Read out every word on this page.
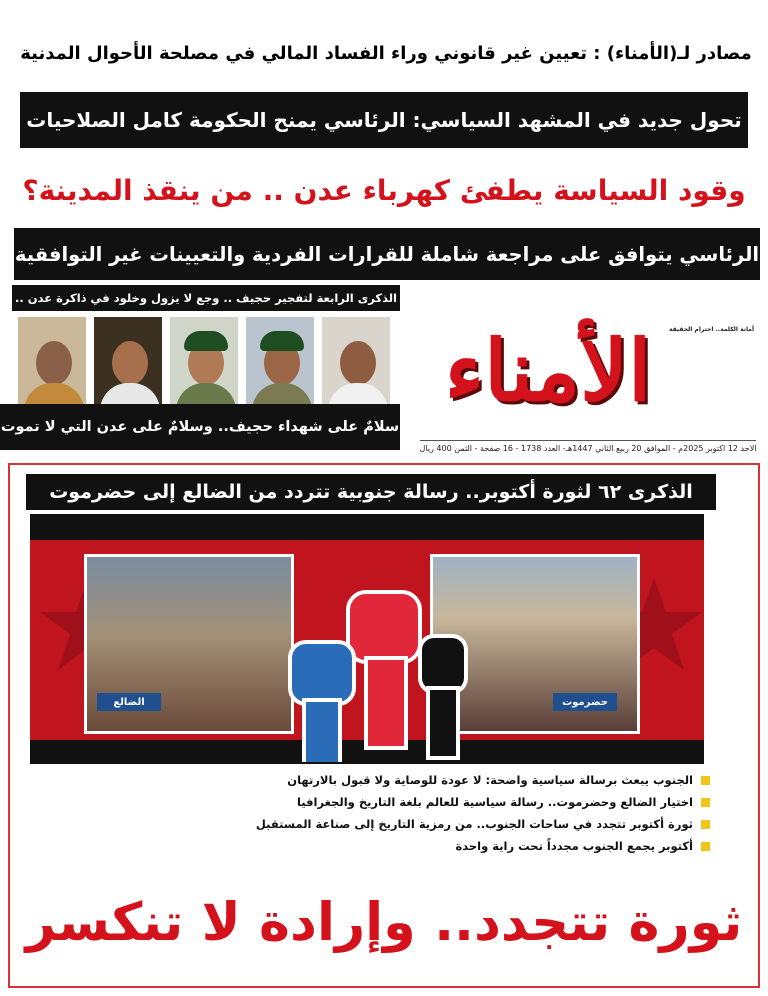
مصادر لـ(الأمناء) : تعيين غير قانوني وراء الفساد المالي في مصلحة الأحوال المدنية
تحول جديد في المشهد السياسي: الرئاسي يمنح الحكومة كامل الصلاحيات
وقود السياسة يطفئ كهرباء عدن .. من ينقذ المدينة؟
الرئاسي يتوافق على مراجعة شاملة للقرارات الفردية والتعيينات غير التوافقية
الذكرى الرابعة لتفجير حجيف .. وجع لا يزول وخلود في ذاكرة عدن ..
سلامٌ على شهداء حجيف.. وسلامٌ على عدن التي لا تموت
الأمناء	أمانة الكلمة.. احترام الحقيقة
الاحد 12 اكتوبر 2025م - الموافق 20 ربيع الثاني 1447هـ- العدد 1738 - 16 صفحة - الثمن 400 ريال
الذكرى ٦٢ لثورة أكتوبر.. رسالة جنوبية تتردد من الضالع إلى حضرموت
الضالع	حضرموت
الجنوب يبعث برسالة سياسية واضحة: لا عودة للوصاية ولا قبول بالارتهان
اختيار الضالع وحضرموت.. رسالة سياسية للعالم بلغة التاريخ والجغرافيا
ثورة أكتوبر تتجدد في ساحات الجنوب.. من رمزية التاريخ إلى صناعة المستقبل
أكتوبر يجمع الجنوب مجدداً تحت راية واحدة
ثورة تتجدد.. وإرادة لا تنكسر
